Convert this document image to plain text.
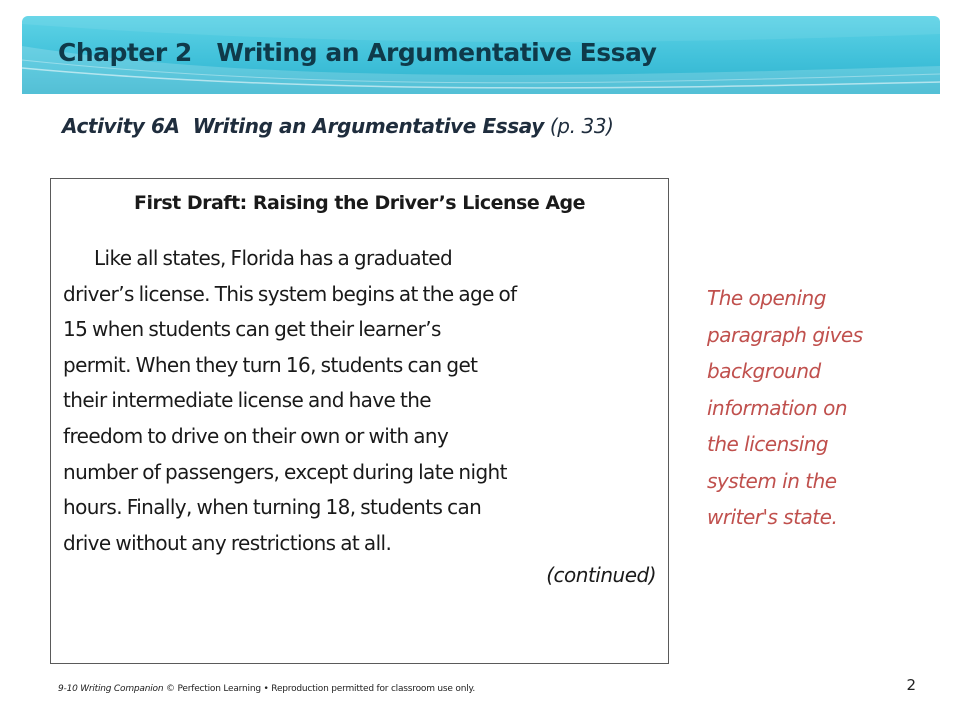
Chapter 2 Writing an Argumentative Essay

Activity 6A  Writing an Argumentative Essay (p. 33)

First Draft: Raising the Driver’s License Age

Like all states, Florida has a graduated
driver’s license. This system begins at the age of
15 when students can get their learner’s
permit. When they turn 16, students can get
their intermediate license and have the
freedom to drive on their own or with any
number of passengers, except during late night
hours. Finally, when turning 18, students can
drive without any restrictions at all.

(continued)

The opening
paragraph gives
background
information on
the licensing
system in the
writer's state.

9-10 Writing Companion © Perfection Learning • Reproduction permitted for classroom use only.	2
